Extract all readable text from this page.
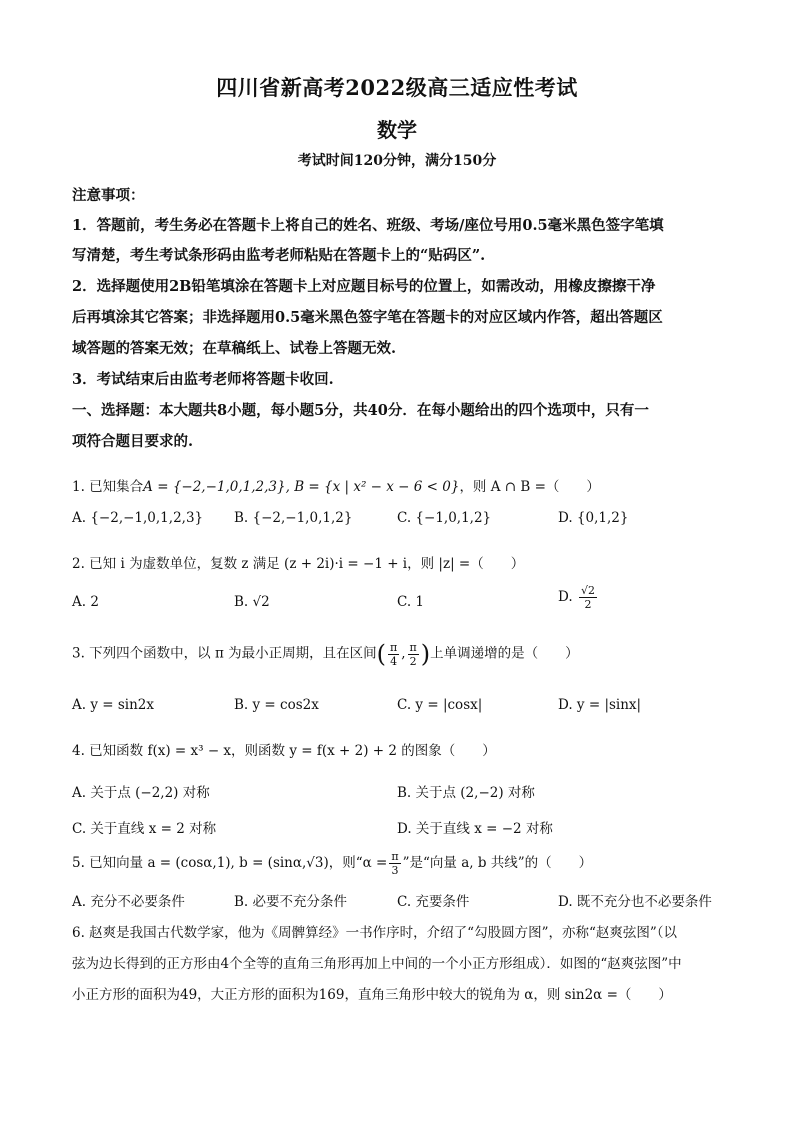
四川省新高考2022级高三适应性考试
数学
考试时间120分钟，满分150分
注意事项：
1．答题前，考生务必在答题卡上将自己的姓名、班级、考场/座位号用0.5毫米黑色签字笔填
写清楚，考生考试条形码由监考老师粘贴在答题卡上的“贴码区”.
2．选择题使用2B铅笔填涂在答题卡上对应题目标号的位置上，如需改动，用橡皮擦擦干净
后再填涂其它答案；非选择题用0.5毫米黑色签字笔在答题卡的对应区域内作答，超出答题区
域答题的答案无效；在草稿纸上、试卷上答题无效.
3．考试结束后由监考老师将答题卡收回.
一、选择题：本大题共8小题，每小题5分，共40分．在每小题给出的四个选项中，只有一
项符合题目要求的.
1. 已知集合A = {−2,−1,0,1,2,3}, B = {x | x² − x − 6 < 0}，则 A ∩ B =（　　）
A. {−2,−1,0,1,2,3} B. {−2,−1,0,1,2}	C. {−1,0,1,2}	D. {0,1,2}
2. 已知 i 为虚数单位，复数 z 满足 (z + 2i)·i = −1 + i，则 |z| =（　　）
A. 2	B. √2	C. 1	D. $\frac{√2}{2}$
3. 下列四个函数中，以 π 为最小正周期，且在区间( $\frac{\pi}{4}$ , $\frac{\pi}{2}$ )上单调递增的是（　　）
A. y = sin2x	B. y = cos2x	C. y = |cosx|	D. y = |sinx|
4. 已知函数 f(x) = x³ − x，则函数 y = f(x + 2) + 2 的图象（　　）
A. 关于点 (−2,2) 对称	B. 关于点 (2,−2) 对称
C. 关于直线 x = 2 对称	D. 关于直线 x = −2 对称
5. 已知向量 a = (cosα,1), b = (sinα,√3)，则“$\alpha = \frac{\pi}{3}$ ”是“向量 a, b 共线”的（　　）
A. 充分不必要条件	B. 必要不充分条件	C. 充要条件	D. 既不充分也不必要条件
6. 赵爽是我国古代数学家，他为《周髀算经》一书作序时，介绍了“勾股圆方图”，亦称“赵爽弦图”（以
弦为边长得到的正方形由4个全等的直角三角形再加上中间的一个小正方形组成）．如图的“赵爽弦图”中
小正方形的面积为49，大正方形的面积为169，直角三角形中较大的锐角为 α，则 sin2α =（　　）
